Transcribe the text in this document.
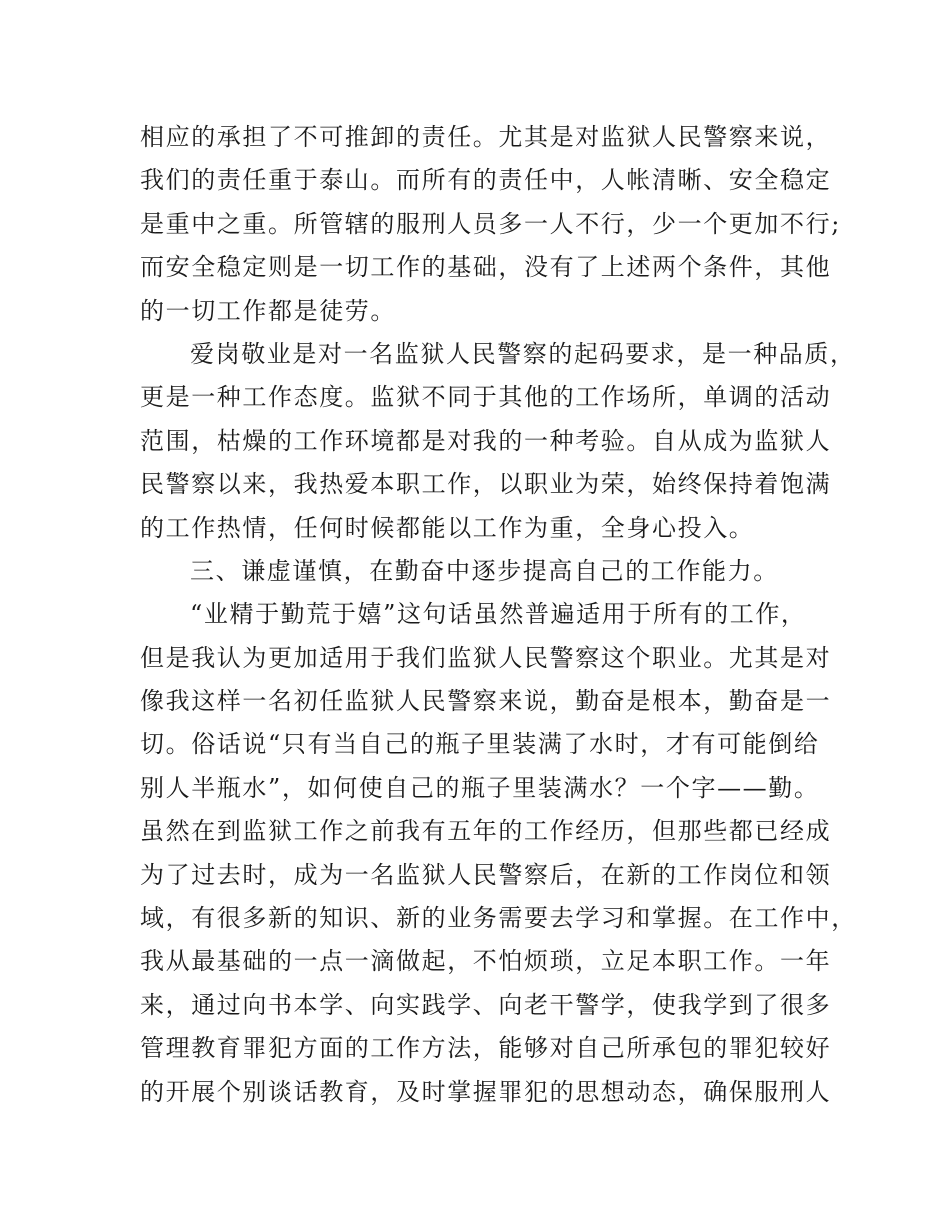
相应的承担了不可推卸的责任。尤其是对监狱人民警察来说，
我们的责任重于泰山。而所有的责任中，人帐清晰、安全稳定
是重中之重。所管辖的服刑人员多一人不行，少一个更加不行;
而安全稳定则是一切工作的基础，没有了上述两个条件，其他
的一切工作都是徒劳。
爱岗敬业是对一名监狱人民警察的起码要求，是一种品质，
更是一种工作态度。监狱不同于其他的工作场所，单调的活动
范围，枯燥的工作环境都是对我的一种考验。自从成为监狱人
民警察以来，我热爱本职工作，以职业为荣，始终保持着饱满
的工作热情，任何时候都能以工作为重，全身心投入。
三、谦虚谨慎，在勤奋中逐步提高自己的工作能力。
“业精于勤荒于嬉”这句话虽然普遍适用于所有的工作，
但是我认为更加适用于我们监狱人民警察这个职业。尤其是对
像我这样一名初任监狱人民警察来说，勤奋是根本，勤奋是一
切。俗话说“只有当自己的瓶子里装满了水时，才有可能倒给
别人半瓶水”，如何使自己的瓶子里装满水？一个字——勤。
虽然在到监狱工作之前我有五年的工作经历，但那些都已经成
为了过去时，成为一名监狱人民警察后，在新的工作岗位和领
域，有很多新的知识、新的业务需要去学习和掌握。在工作中，
我从最基础的一点一滴做起，不怕烦琐，立足本职工作。一年
来，通过向书本学、向实践学、向老干警学，使我学到了很多
管理教育罪犯方面的工作方法，能够对自己所承包的罪犯较好
的开展个别谈话教育，及时掌握罪犯的思想动态，确保服刑人
